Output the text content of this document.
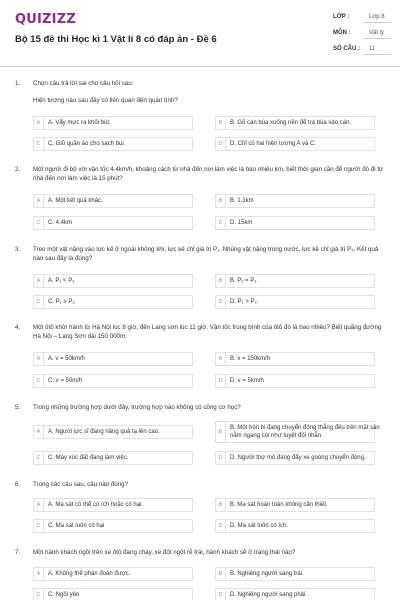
QUIZIZZ
Bộ 15 đề thi Học kì 1 Vật lí 8 có đáp án - Đề 6
LỚP :	Lớp 8
MÔN :	Vật lý
SỐ CÂU : 11
1. Chọn câu trả lời sai cho câu hỏi sau:
Hiện tượng nào sau đây có liên quan đến quán tính?
A	A. Vẩy mực ra khỏi bút.	B	B. Gõ cán búa xuống nền để tra búa vào cán.
C	C. Giũ quần áo cho sạch bụi.	D	D. Chỉ có hai hiện tượng A và C.
2. Một người đi bộ với vận tốc 4,4km/h, khoảng cách từ nhà đến nơi làm việc là bao nhiêu km, biết thời gian cần để người đó đi từ nhà đến nơi làm việc là 15 phút?
A	A. Một kết quả khác.	B	B. 1,1km
C	C. 4,4km	D	D. 15km
3. Treo một vật nặng vào lực kế ở ngoài không khí, lực kế chỉ giá trị P₁. Nhúng vật nặng trong nước, lực kế chỉ giá trị P₂. Kết quả nào sau đây là đúng?
A	A. P₁ < P₂	B	B. P₁ = P₂
C	C. P₁ ≥ P₂	D	D. P₁ > P₂
4. Một ôtô khởi hành từ Hà Nội lúc 8 giờ, đến Lạng sơn lúc 11 giờ. Vận tốc trung bình của ôtô đó là bao nhiêu? Biết quãng đường Hà Nội – Lạng Sơn dài 150 000m.
A	A. v = 50km/h	B	B. v = 150km/h
C	C. v = 50m/h	D	D. v = 5km/h
5. Trong những trường hợp dưới đây, trường hợp nào không có công cơ học?
A	A. Người lực sĩ đang nâng quả tạ lên cao.	B
B. Một hòn bi đang chuyển động thẳng đều trên mặt sàn nằm ngang coi như tuyệt đối nhẵn.
C	C. Máy xúc đất đang làm việc.	D	D. Người thợ mỏ đang đẩy xe goòng chuyển động.
6. Trong các câu sau, câu nào đúng?
A	A. Ma sát có thể có ích hoặc có hại.	B	B. Ma sát hoàn toàn không cần thiết.
C	C. Ma sát luôn có hại	D	D. Ma sát luôn có ích.
7. Một hành khách ngồi trên xe ôtô đang chạy, xe đột ngột rẽ trái, hành khách sẽ ở trạng thái nào?
A	A. Không thể phán đoán được.	B	B. Nghiêng người sang trái.
C	C. Ngồi yên	D	D. Nghiêng người sang phải.
